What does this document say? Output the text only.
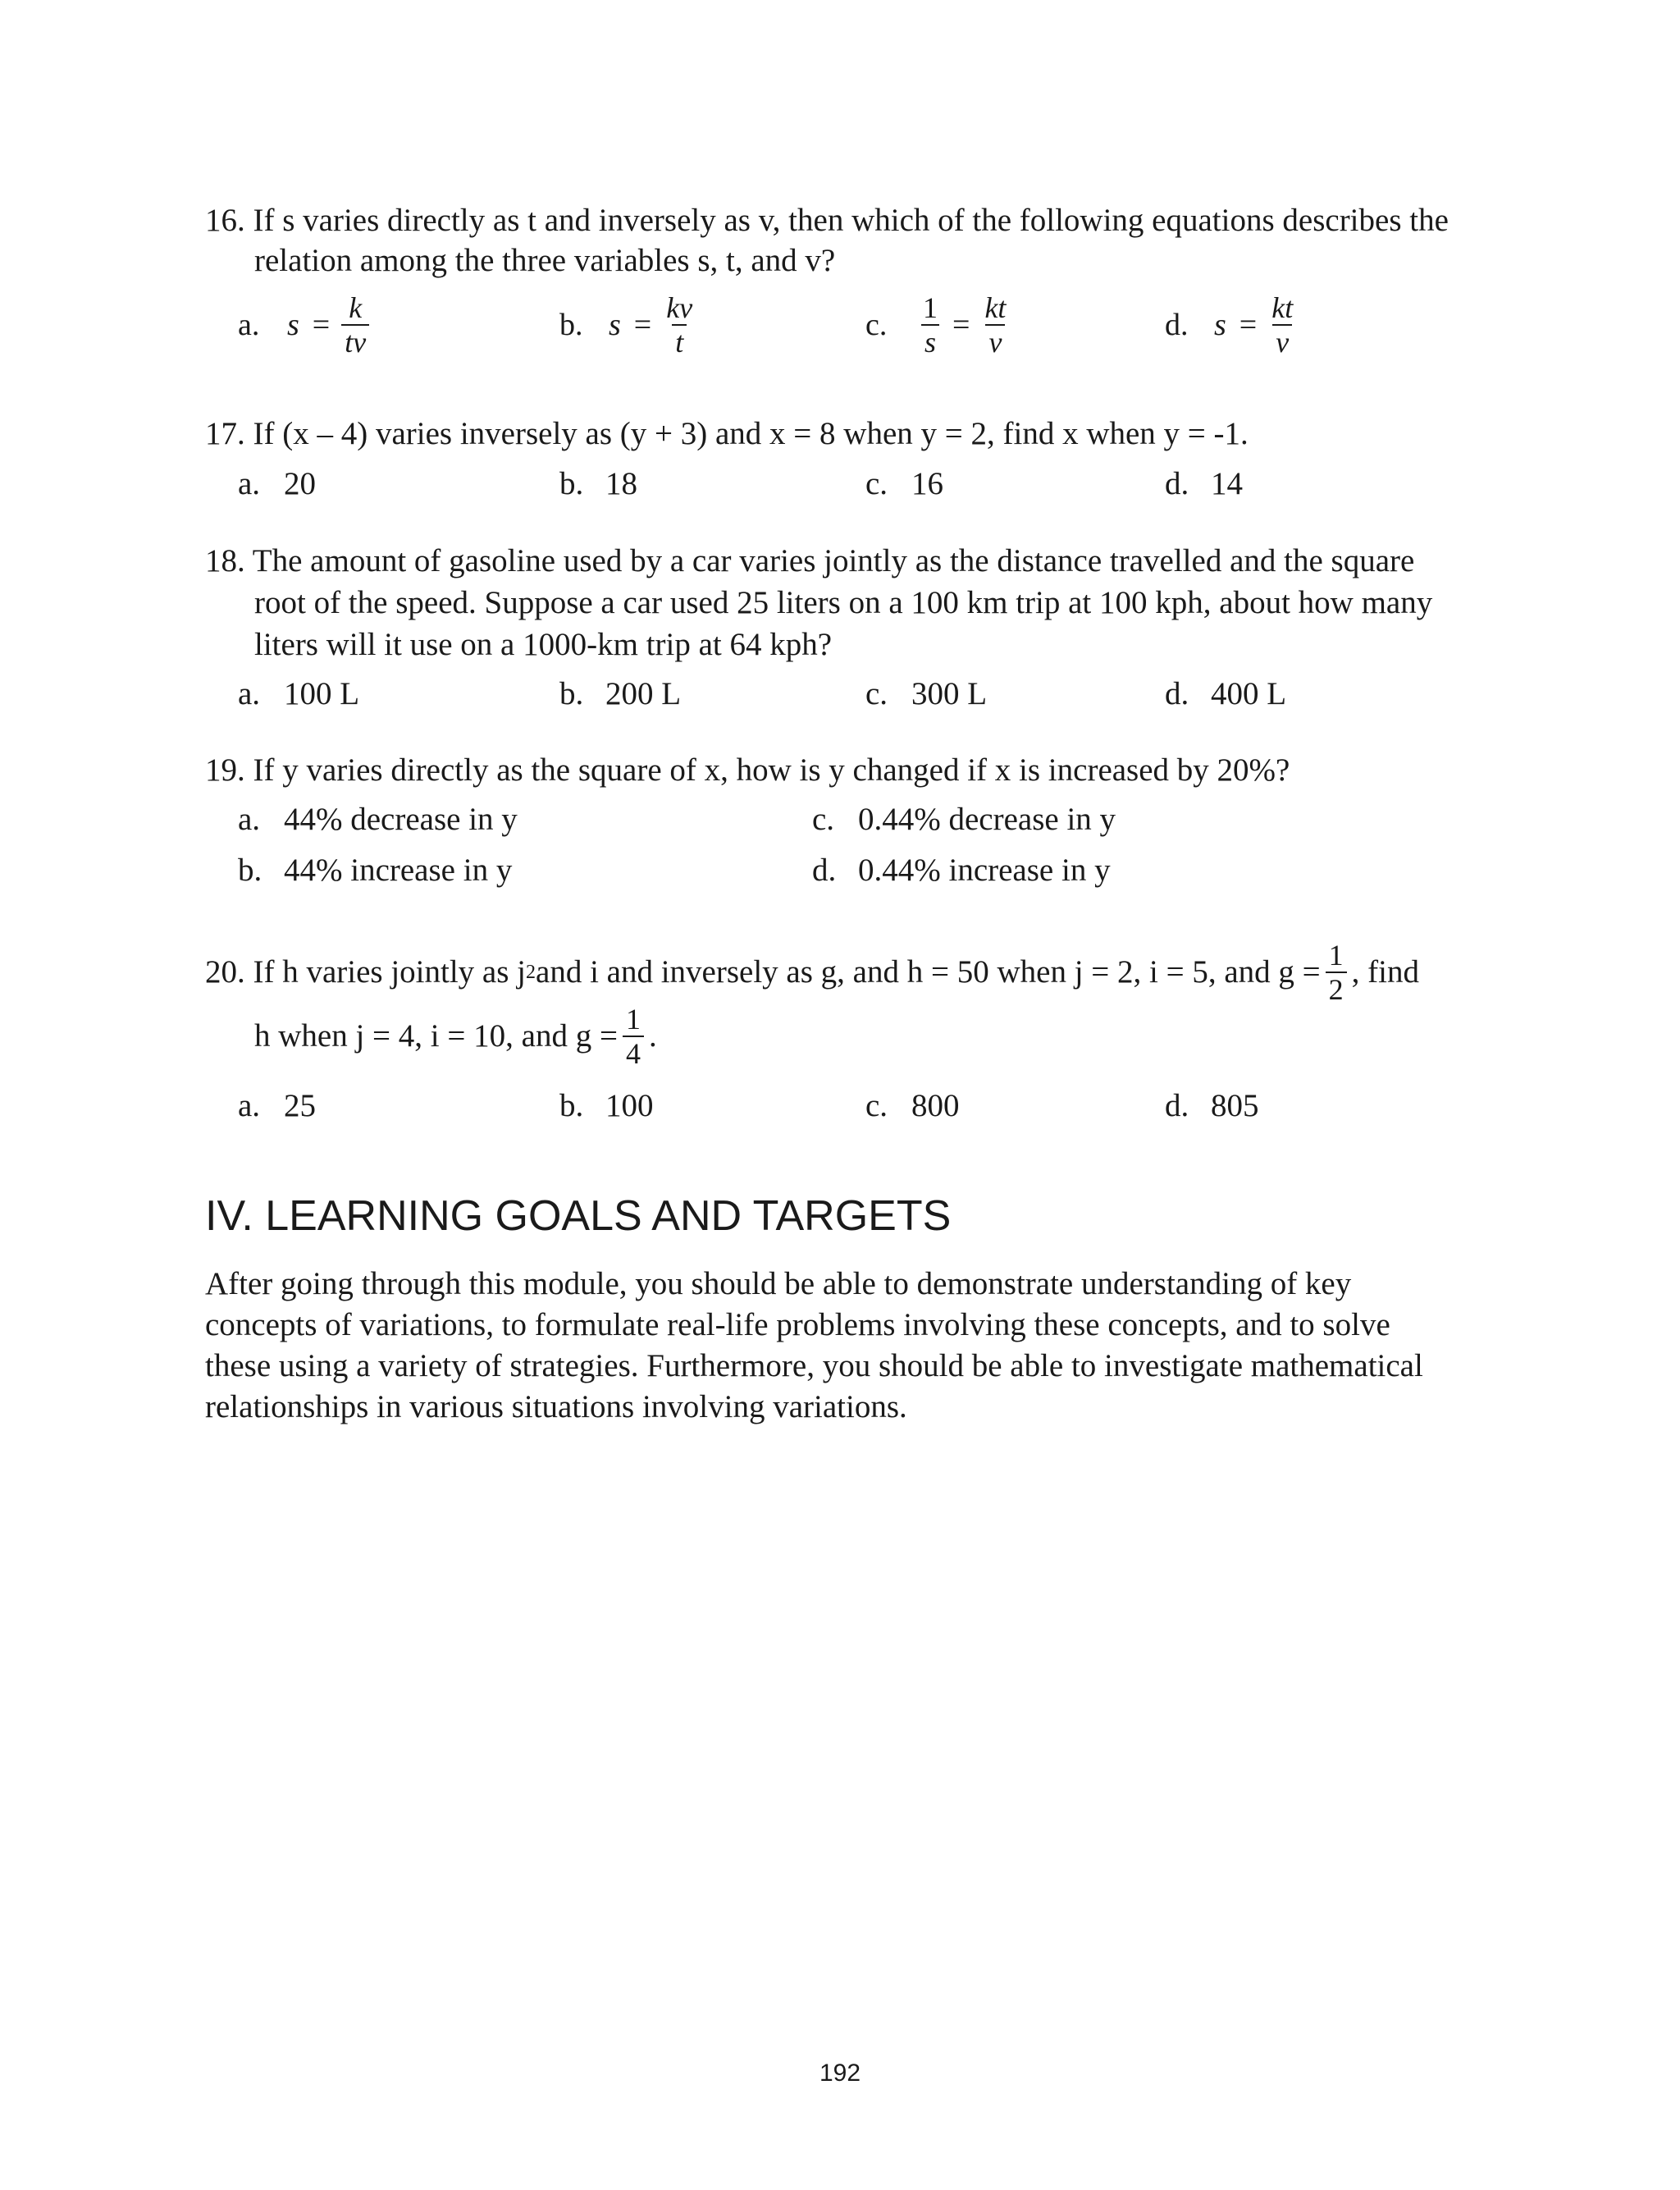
16. If s varies directly as t and inversely as v, then which of the following equations describes the
relation among the three variables s, t, and v?
a. $s = \frac{k}{tv}$	b. $s = \frac{kv}{t}$	c.	$\frac{1}{s} = \frac{kt}{v}$	d. $s = \frac{kt}{v}$
17. If (x – 4) varies inversely as (y + 3) and x = 8 when y = 2, find x when y = -1.
a. 20	b. 18	c. 16	d. 14
18. The amount of gasoline used by a car varies jointly as the distance travelled and the square
root of the speed. Suppose a car used 25 liters on a 100 km trip at 100 kph, about how many
liters will it use on a 1000-km trip at 64 kph?
a. 100 L	b. 200 L	c. 300 L	d. 400 L
19. If y varies directly as the square of x, how is y changed if x is increased by 20%?
a. 44% decrease in y	c. 0.44% decrease in y
b. 44% increase in y	d. 0.44% increase in y
20.
If h varies jointly as j 2 and i and inversely as g, and h = 50 when j = 2, i = 5, and $g = \frac{1}{2}$ , find
h when j = 4, i = 10, and $g = \frac{1}{4}$ .
a. 25	b. 100	c. 800	d. 805
IV. LEARNING GOALS AND TARGETS
After going through this module, you should be able to demonstrate understanding of key
concepts of variations, to formulate real-life problems involving these concepts, and to solve
these using a variety of strategies. Furthermore, you should be able to investigate mathematical
relationships in various situations involving variations.
192
